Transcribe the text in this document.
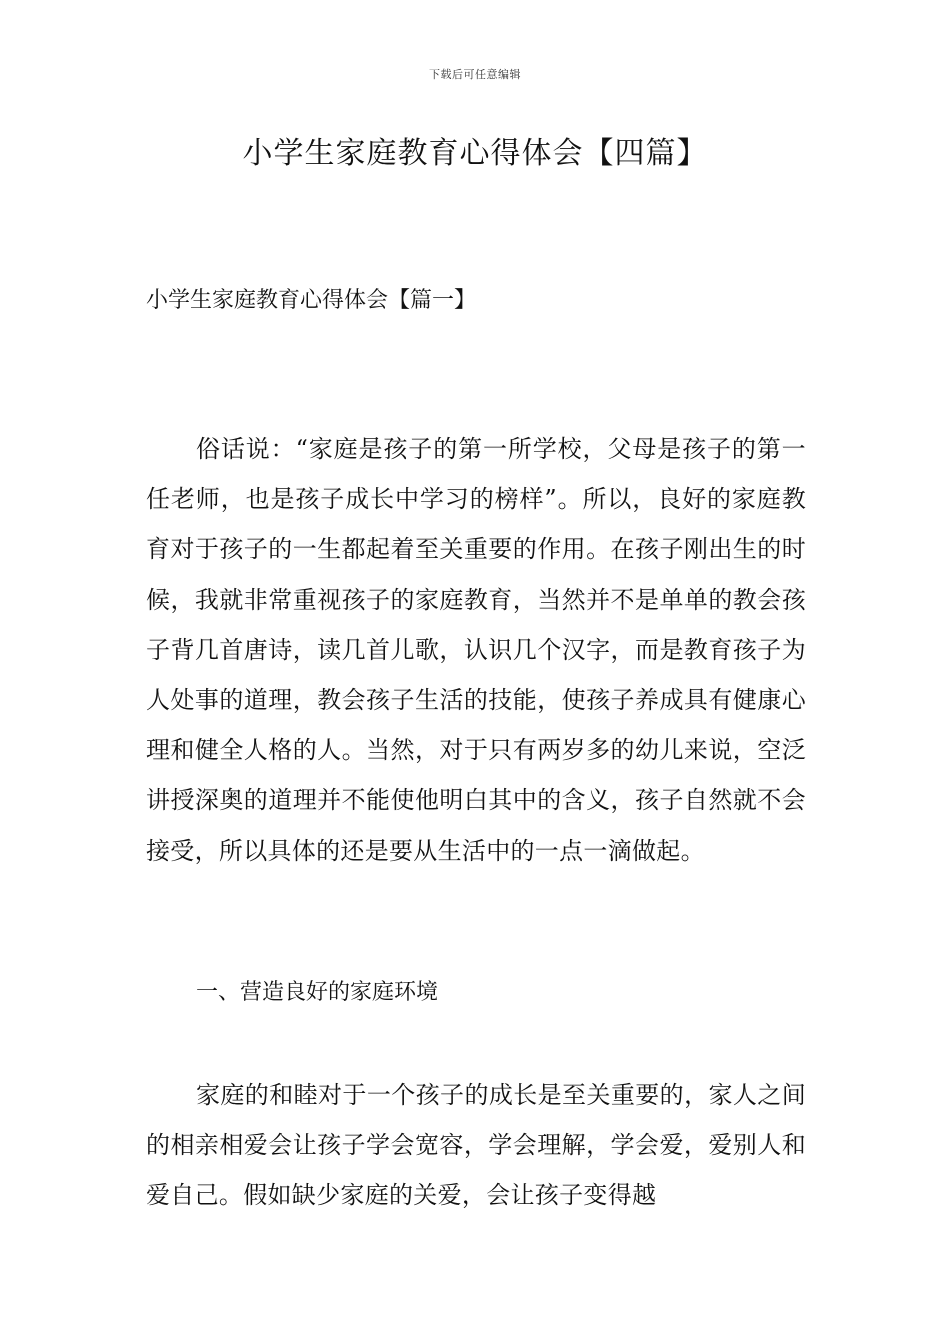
下载后可任意编辑
小学生家庭教育心得体会【四篇】
小学生家庭教育心得体会【篇一】

俗话说：“家庭是孩子的第一所学校，父母是孩子的第一任老师，也是孩子成长中学习的榜样”。所以，良好的家庭教育对于孩子的一生都起着至关重要的作用。在孩子刚出生的时候，我就非常重视孩子的家庭教育，当然并不是单单的教会孩子背几首唐诗，读几首儿歌，认识几个汉字，而是教育孩子为人处事的道理，教会孩子生活的技能，使孩子养成具有健康心理和健全人格的人。当然，对于只有两岁多的幼儿来说，空泛讲授深奥的道理并不能使他明白其中的含义，孩子自然就不会接受，所以具体的还是要从生活中的一点一滴做起。

一、营造良好的家庭环境

家庭的和睦对于一个孩子的成长是至关重要的，家人之间的相亲相爱会让孩子学会宽容，学会理解，学会爱，爱别人和爱自己。假如缺少家庭的关爱，会让孩子变得越
